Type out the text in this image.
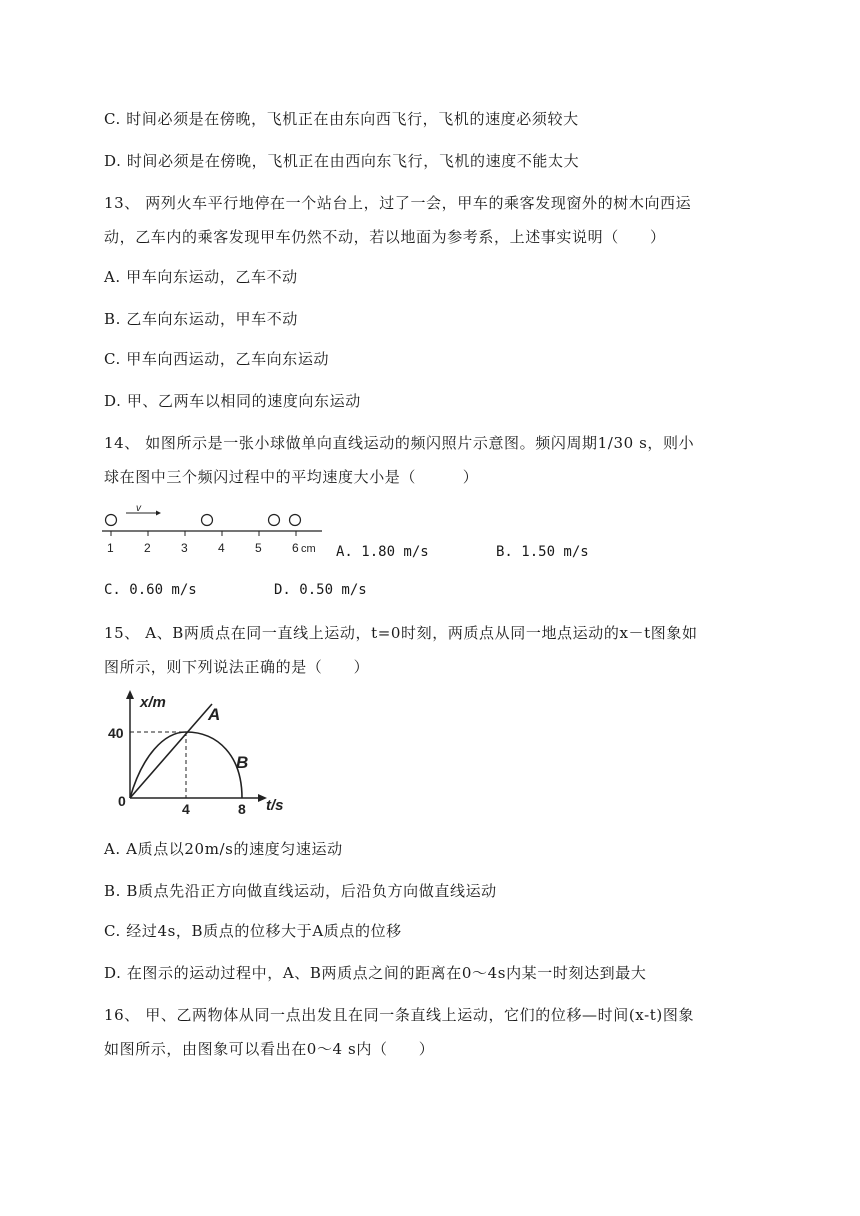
C. 时间必须是在傍晚，飞机正在由东向西飞行，飞机的速度必须较大
D. 时间必须是在傍晚，飞机正在由西向东飞行，飞机的速度不能太大
13、 两列火车平行地停在一个站台上，过了一会，甲车的乘客发现窗外的树木向西运
动，乙车内的乘客发现甲车仍然不动，若以地面为参考系，上述事实说明（　　）
A. 甲车向东运动，乙车不动
B. 乙车向东运动，甲车不动
C. 甲车向西运动，乙车向东运动
D. 甲、乙两车以相同的速度向东运动
14、 如图所示是一张小球做单向直线运动的频闪照片示意图。频闪周期1/30 s，则小
球在图中三个频闪过程中的平均速度大小是（　　　）
v
1	2	3	4	5	6 cm A. 1.80 m/s	B. 1.50 m/s
C. 0.60 m/s	D. 0.50 m/s
15、 A、B两质点在同一直线上运动，t=0时刻，两质点从同一地点运动的x－t图象如
图所示，则下列说法正确的是（　　）
x/m
t/s
40
0	4	8
A
B
A. A质点以20m/s的速度匀速运动
B. B质点先沿正方向做直线运动，后沿负方向做直线运动
C. 经过4s，B质点的位移大于A质点的位移
D. 在图示的运动过程中，A、B两质点之间的距离在0～4s内某一时刻达到最大
16、 甲、乙两物体从同一点出发且在同一条直线上运动，它们的位移—时间(x-t)图象
如图所示，由图象可以看出在0～4 s内（　　）
